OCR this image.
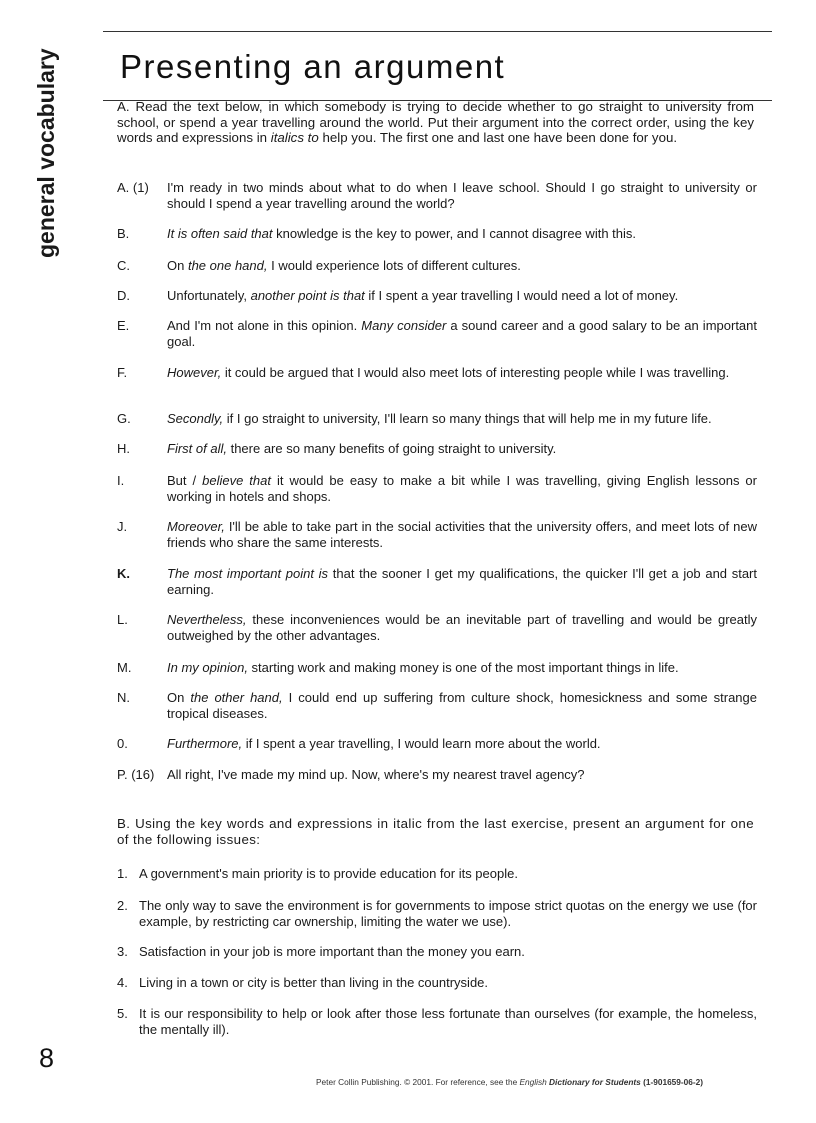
general vocabulary Presenting an argument

A. Read the text below, in which somebody is trying to decide whether to go straight to university from school, or spend a year travelling around the world. Put their argument into the correct order, using the key words and expressions in italics to help you. The first one and last one have been done for you.

A. (1) I'm ready in two minds about what to do when I leave school. Should I go straight to university or should I spend a year travelling around the world?
B.	It is often said that knowledge is the key to power, and I cannot disagree with this.
C.	On the one hand, I would experience lots of different cultures.
D.	Unfortunately, another point is that if I spent a year travelling I would need a lot of money.
E.	And I'm not alone in this opinion. Many consider a sound career and a good salary to be an important goal.
F.	However, it could be argued that I would also meet lots of interesting people while I was travelling.
G.	Secondly, if I go straight to university, I'll learn so many things that will help me in my future life.
H.	First of all, there are so many benefits of going straight to university.
I.	But / believe that it would be easy to make a bit while I was travelling, giving English lessons or working in hotels and shops.
J.	Moreover, I'll be able to take part in the social activities that the university offers, and meet lots of new friends who share the same interests.
K.	The most important point is that the sooner I get my qualifications, the quicker I'll get a job and start earning.
L.	Nevertheless, these inconveniences would be an inevitable part of travelling and would be greatly outweighed by the other advantages.
M.	In my opinion, starting work and making money is one of the most important things in life.
N.	On the other hand, I could end up suffering from culture shock, homesickness and some strange tropical diseases.
0.	Furthermore, if I spent a year travelling, I would learn more about the world.
P. (16) All right, I've made my mind up. Now, where's my nearest travel agency?

B. Using the key words and expressions in italic from the last exercise, present an argument for one of the following issues:

1. A government's main priority is to provide education for its people.
2. The only way to save the environment is for governments to impose strict quotas on the energy we use (for example, by restricting car ownership, limiting the water we use).
3. Satisfaction in your job is more important than the money you earn.
4. Living in a town or city is better than living in the countryside.
5. It is our responsibility to help or look after those less fortunate than ourselves (for example, the homeless, the mentally ill).
8
Peter Collin Publishing. © 2001. For reference, see the English Dictionary for Students (1-901659-06-2)
